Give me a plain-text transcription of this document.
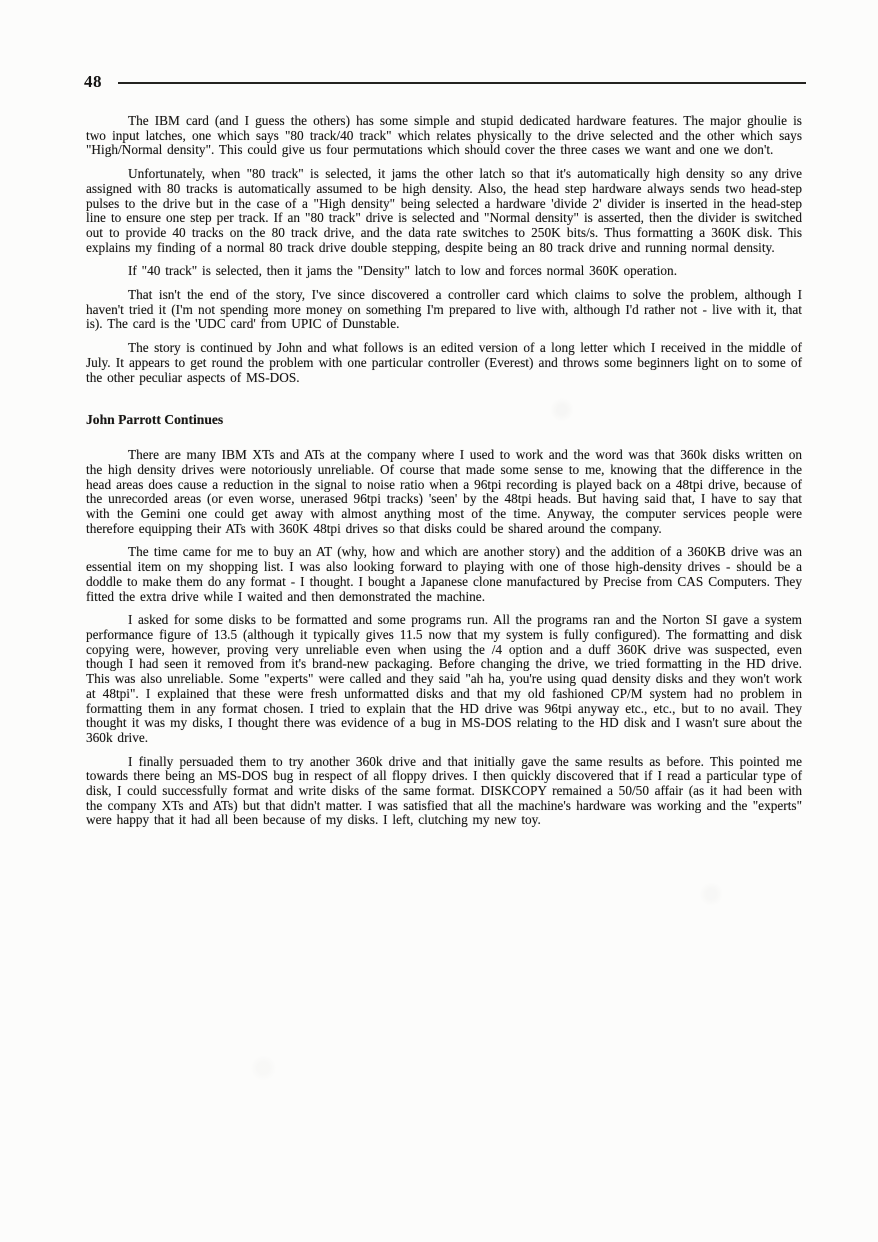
48

The IBM card (and I guess the others) has some simple and stupid dedicated hardware features. The major ghoulie is two input latches, one which says "80 track/40 track" which relates physically to the drive selected and the other which says "High/Normal density". This could give us four permutations which should cover the three cases we want and one we don't.

Unfortunately, when "80 track" is selected, it jams the other latch so that it's automatically high density so any drive assigned with 80 tracks is automatically assumed to be high density. Also, the head step hardware always sends two head-step pulses to the drive but in the case of a "High density" being selected a hardware 'divide 2' divider is inserted in the head-step line to ensure one step per track. If an "80 track" drive is selected and "Normal density" is asserted, then the divider is switched out to provide 40 tracks on the 80 track drive, and the data rate switches to 250K bits/s. Thus formatting a 360K disk. This explains my finding of a normal 80 track drive double stepping, despite being an 80 track drive and running normal density.

If "40 track" is selected, then it jams the "Density" latch to low and forces normal 360K operation.

That isn't the end of the story, I've since discovered a controller card which claims to solve the problem, although I haven't tried it (I'm not spending more money on something I'm prepared to live with, although I'd rather not - live with it, that is). The card is the 'UDC card' from UPIC of Dunstable.

The story is continued by John and what follows is an edited version of a long letter which I received in the middle of July. It appears to get round the problem with one particular controller (Everest) and throws some beginners light on to some of the other peculiar aspects of MS-DOS.

John Parrott Continues

There are many IBM XTs and ATs at the company where I used to work and the word was that 360k disks written on the high density drives were notoriously unreliable. Of course that made some sense to me, knowing that the difference in the head areas does cause a reduction in the signal to noise ratio when a 96tpi recording is played back on a 48tpi drive, because of the unrecorded areas (or even worse, unerased 96tpi tracks) 'seen' by the 48tpi heads. But having said that, I have to say that with the Gemini one could get away with almost anything most of the time. Anyway, the computer services people were therefore equipping their ATs with 360K 48tpi drives so that disks could be shared around the company.

The time came for me to buy an AT (why, how and which are another story) and the addition of a 360KB drive was an essential item on my shopping list. I was also looking forward to playing with one of those high-density drives - should be a doddle to make them do any format - I thought. I bought a Japanese clone manufactured by Precise from CAS Computers. They fitted the extra drive while I waited and then demonstrated the machine.

I asked for some disks to be formatted and some programs run. All the programs ran and the Norton SI gave a system performance figure of 13.5 (although it typically gives 11.5 now that my system is fully configured). The formatting and disk copying were, however, proving very unreliable even when using the /4 option and a duff 360K drive was suspected, even though I had seen it removed from it's brand-new packaging. Before changing the drive, we tried formatting in the HD drive. This was also unreliable. Some "experts" were called and they said "ah ha, you're using quad density disks and they won't work at 48tpi". I explained that these were fresh unformatted disks and that my old fashioned CP/M system had no problem in formatting them in any format chosen. I tried to explain that the HD drive was 96tpi anyway etc., etc., but to no avail. They thought it was my disks, I thought there was evidence of a bug in MS-DOS relating to the HD disk and I wasn't sure about the 360k drive.

I finally persuaded them to try another 360k drive and that initially gave the same results as before. This pointed me towards there being an MS-DOS bug in respect of all floppy drives. I then quickly discovered that if I read a particular type of disk, I could successfully format and write disks of the same format. DISKCOPY remained a 50/50 affair (as it had been with the company XTs and ATs) but that didn't matter. I was satisfied that all the machine's hardware was working and the "experts" were happy that it had all been because of my disks. I left, clutching my new toy.
